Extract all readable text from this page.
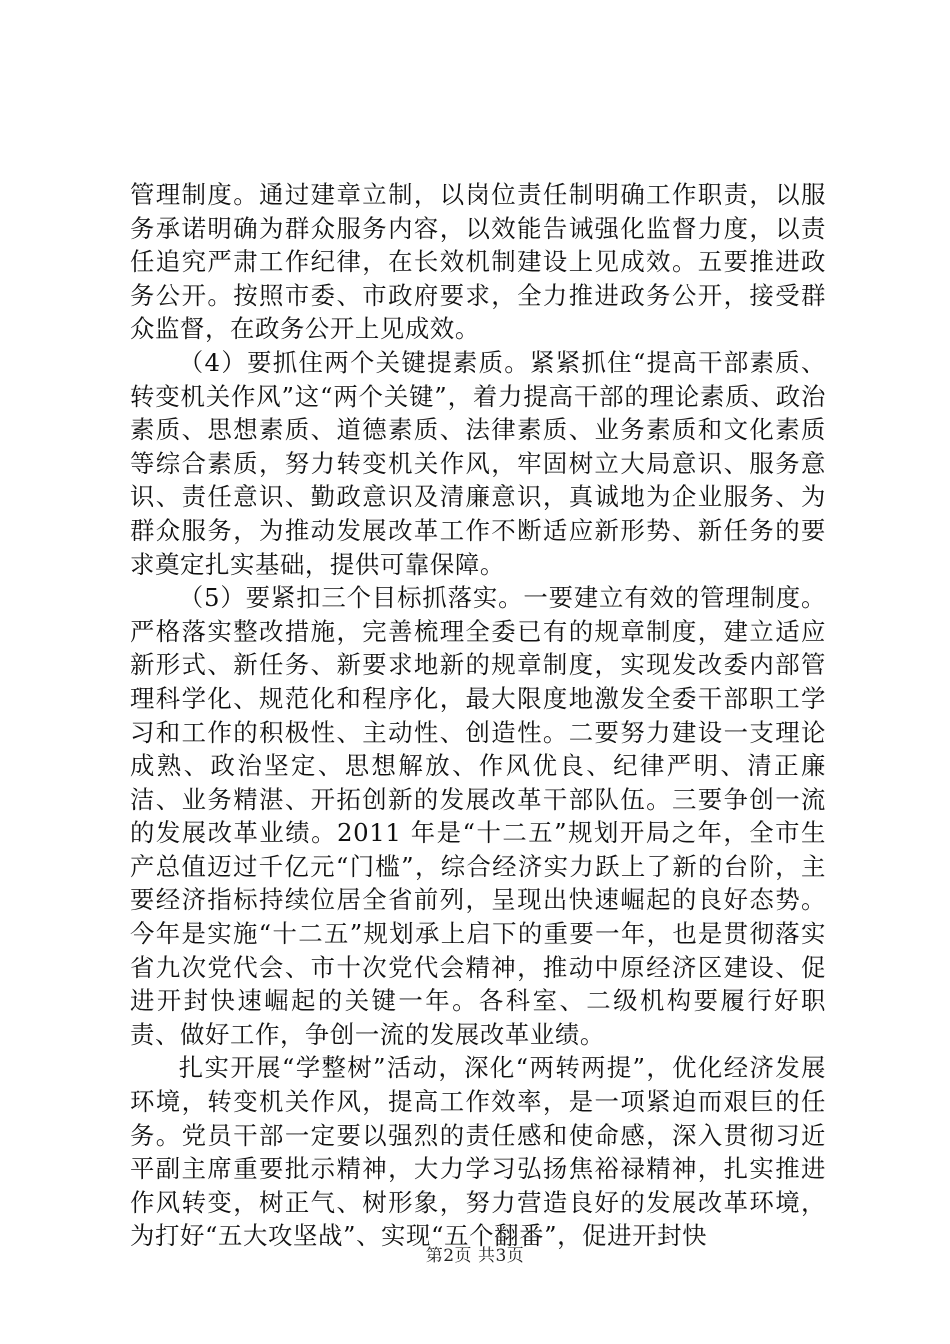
管理制度。通过建章立制，以岗位责任制明确工作职责，以服务承诺明确为群众服务内容，以效能告诫强化监督力度，以责任追究严肃工作纪律，在长效机制建设上见成效。五要推进政务公开。按照市委、市政府要求，全力推进政务公开，接受群众监督，在政务公开上见成效。

（4）要抓住两个关键提素质。紧紧抓住“提高干部素质、转变机关作风”这“两个关键”，着力提高干部的理论素质、政治素质、思想素质、道德素质、法律素质、业务素质和文化素质等综合素质，努力转变机关作风，牢固树立大局意识、服务意识、责任意识、勤政意识及清廉意识，真诚地为企业服务、为群众服务，为推动发展改革工作不断适应新形势、新任务的要求奠定扎实基础，提供可靠保障。

（5）要紧扣三个目标抓落实。一要建立有效的管理制度。严格落实整改措施，完善梳理全委已有的规章制度，建立适应新形式、新任务、新要求地新的规章制度，实现发改委内部管理科学化、规范化和程序化，最大限度地激发全委干部职工学习和工作的积极性、主动性、创造性。二要努力建设一支理论成熟、政治坚定、思想解放、作风优良、纪律严明、清正廉洁、业务精湛、开拓创新的发展改革干部队伍。三要争创一流的发展改革业绩。2011 年是“十二五”规划开局之年，全市生产总值迈过千亿元“门槛”，综合经济实力跃上了新的台阶，主要经济指标持续位居全省前列，呈现出快速崛起的良好态势。今年是实施“十二五”规划承上启下的重要一年，也是贯彻落实省九次党代会、市十次党代会精神，推动中原经济区建设、促进开封快速崛起的关键一年。各科室、二级机构要履行好职责、做好工作，争创一流的发展改革业绩。

扎实开展“学整树”活动，深化“两转两提”，优化经济发展环境，转变机关作风，提高工作效率，是一项紧迫而艰巨的任务。党员干部一定要以强烈的责任感和使命感，深入贯彻习近平副主席重要批示精神，大力学习弘扬焦裕禄精神，扎实推进作风转变，树正气、树形象，努力营造良好的发展改革环境，为打好“五大攻坚战”、实现“五个翻番”，促进开封快

第2页 共3页
